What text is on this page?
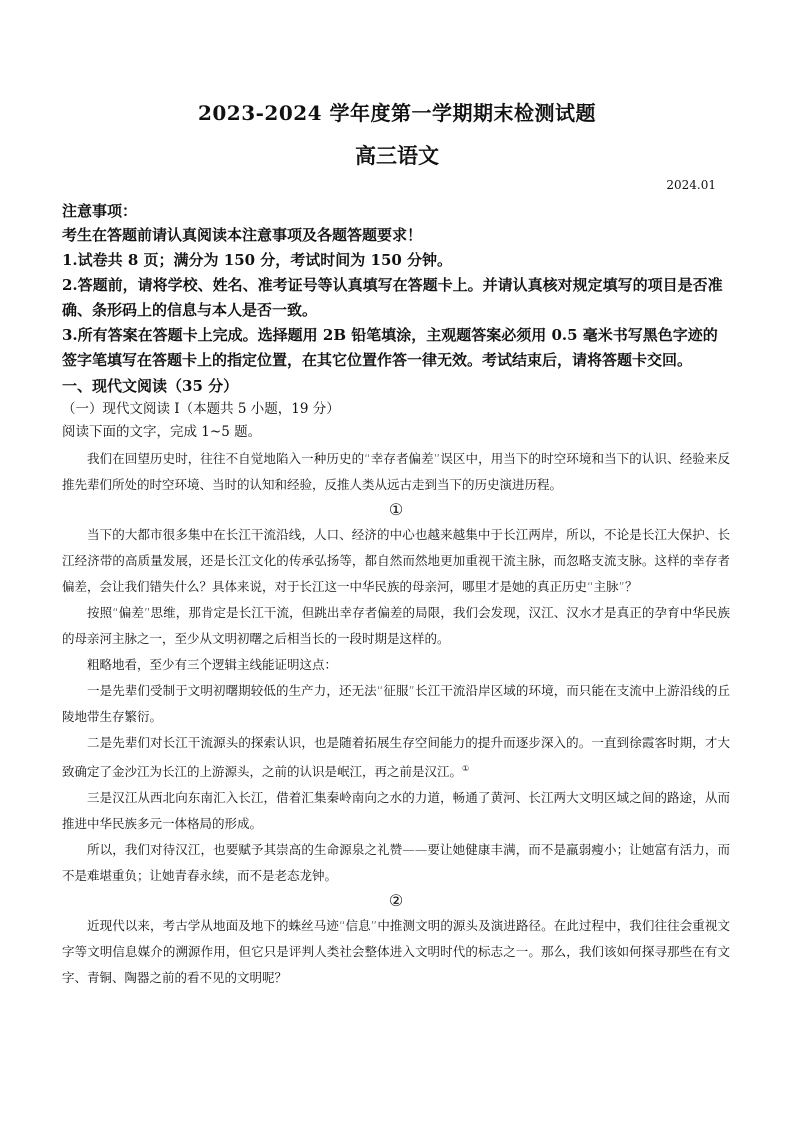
2023-2024 学年度第一学期期末检测试题
高三语文
2024.01
注意事项：
考生在答题前请认真阅读本注意事项及各题答题要求！
1.试卷共 8 页；满分为 150 分，考试时间为 150 分钟。
2.答题前，请将学校、姓名、准考证号等认真填写在答题卡上。并请认真核对规定填写的项目是否准确、条形码上的信息与本人是否一致。
3.所有答案在答题卡上完成。选择题用 2B 铅笔填涂，主观题答案必须用 0.5 毫米书写黑色字迹的签字笔填写在答题卡上的指定位置，在其它位置作答一律无效。考试结束后，请将答题卡交回。
一、现代文阅读（35 分）
（一）现代文阅读 I（本题共 5 小题，19 分）
阅读下面的文字，完成 1~5 题。
我们在回望历史时，往往不自觉地陷入一种历史的“幸存者偏差”误区中，用当下的时空环境和当下的认识、经验来反推先辈们所处的时空环境、当时的认知和经验，反推人类从远古走到当下的历史演进历程。
①
当下的大都市很多集中在长江干流沿线，人口、经济的中心也越来越集中于长江两岸，所以，不论是长江大保护、长江经济带的高质量发展，还是长江文化的传承弘扬等，都自然而然地更加重视干流主脉，而忽略支流支脉。这样的幸存者偏差，会让我们错失什么？具体来说，对于长江这一中华民族的母亲河，哪里才是她的真正历史“主脉”？
按照“偏差”思维，那肯定是长江干流，但跳出幸存者偏差的局限，我们会发现，汉江、汉水才是真正的孕育中华民族的母亲河主脉之一，至少从文明初曙之后相当长的一段时期是这样的。
粗略地看，至少有三个逻辑主线能证明这点：
一是先辈们受制于文明初曙期较低的生产力，还无法“征服”长江干流沿岸区域的环境，而只能在支流中上游沿线的丘陵地带生存繁衍。
二是先辈们对长江干流源头的探索认识，也是随着拓展生存空间能力的提升而逐步深入的。一直到徐霞客时期，才大致确定了金沙江为长江的上游源头，之前的认识是岷江，再之前是汉江。①
三是汉江从西北向东南汇入长江，借着汇集秦岭南向之水的力道，畅通了黄河、长江两大文明区域之间的路途，从而推进中华民族多元一体格局的形成。
所以，我们对待汉江，也要赋予其崇高的生命源泉之礼赞——要让她健康丰满，而不是羸弱瘦小；让她富有活力，而不是难堪重负；让她青春永续，而不是老态龙钟。
②
近现代以来，考古学从地面及地下的蛛丝马迹“信息”中推测文明的源头及演进路径。在此过程中，我们往往会重视文字等文明信息媒介的溯源作用，但它只是评判人类社会整体进入文明时代的标志之一。那么，我们该如何探寻那些在有文字、青铜、陶器之前的看不见的文明呢？
